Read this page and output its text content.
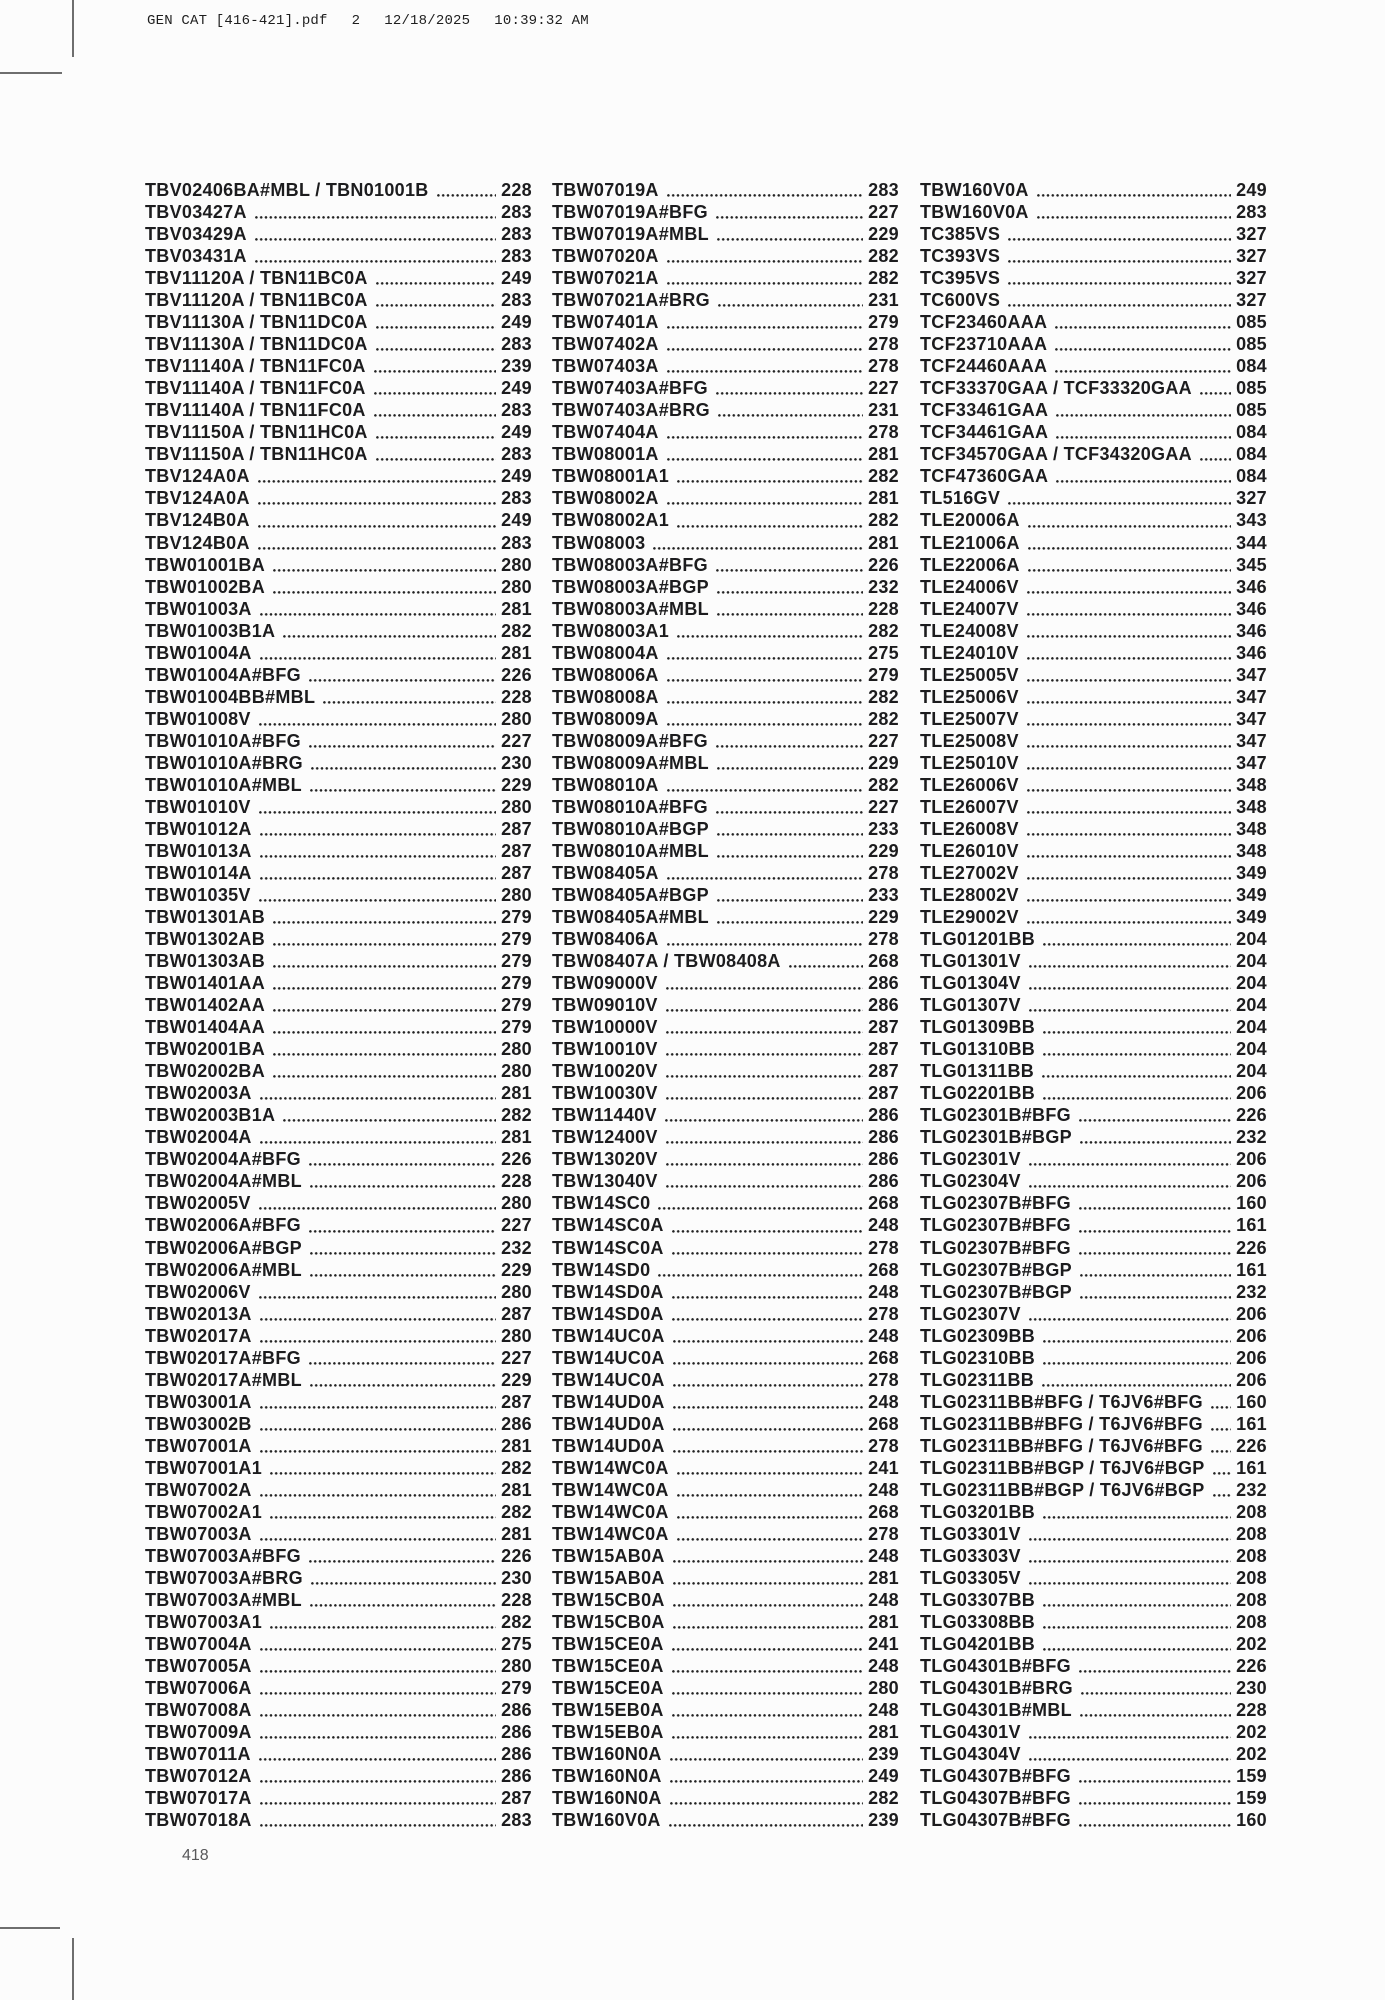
GEN CAT [416-421].pdf 2 12/18/2025 10:39:32 AM
TBV02406BA#MBL / TBN01001B	228
TBV03427A	283
TBV03429A	283
TBV03431A	283
TBV11120A / TBN11BC0A	249
TBV11120A / TBN11BC0A	283
TBV11130A / TBN11DC0A	249
TBV11130A / TBN11DC0A	283
TBV11140A / TBN11FC0A	239
TBV11140A / TBN11FC0A	249
TBV11140A / TBN11FC0A	283
TBV11150A / TBN11HC0A	249
TBV11150A / TBN11HC0A	283
TBV124A0A	249
TBV124A0A	283
TBV124B0A	249
TBV124B0A	283
TBW01001BA	280
TBW01002BA	280
TBW01003A	281
TBW01003B1A	282
TBW01004A	281
TBW01004A#BFG	226
TBW01004BB#MBL	228
TBW01008V	280
TBW01010A#BFG	227
TBW01010A#BRG	230
TBW01010A#MBL	229
TBW01010V	280
TBW01012A	287
TBW01013A	287
TBW01014A	287
TBW01035V	280
TBW01301AB	279
TBW01302AB	279
TBW01303AB	279
TBW01401AA	279
TBW01402AA	279
TBW01404AA	279
TBW02001BA	280
TBW02002BA	280
TBW02003A	281
TBW02003B1A	282
TBW02004A	281
TBW02004A#BFG	226
TBW02004A#MBL	228
TBW02005V	280
TBW02006A#BFG	227
TBW02006A#BGP	232
TBW02006A#MBL	229
TBW02006V	280
TBW02013A	287
TBW02017A	280
TBW02017A#BFG	227
TBW02017A#MBL	229
TBW03001A	287
TBW03002B	286
TBW07001A	281
TBW07001A1	282
TBW07002A	281
TBW07002A1	282
TBW07003A	281
TBW07003A#BFG	226
TBW07003A#BRG	230
TBW07003A#MBL	228
TBW07003A1	282
TBW07004A	275
TBW07005A	280
TBW07006A	279
TBW07008A	286
TBW07009A	286
TBW07011A	286
TBW07012A	286
TBW07017A	287
TBW07018A	283
TBW07019A	283
TBW07019A#BFG	227
TBW07019A#MBL	229
TBW07020A	282
TBW07021A	282
TBW07021A#BRG	231
TBW07401A	279
TBW07402A	278
TBW07403A	278
TBW07403A#BFG	227
TBW07403A#BRG	231
TBW07404A	278
TBW08001A	281
TBW08001A1	282
TBW08002A	281
TBW08002A1	282
TBW08003	281
TBW08003A#BFG	226
TBW08003A#BGP	232
TBW08003A#MBL	228
TBW08003A1	282
TBW08004A	275
TBW08006A	279
TBW08008A	282
TBW08009A	282
TBW08009A#BFG	227
TBW08009A#MBL	229
TBW08010A	282
TBW08010A#BFG	227
TBW08010A#BGP	233
TBW08010A#MBL	229
TBW08405A	278
TBW08405A#BGP	233
TBW08405A#MBL	229
TBW08406A	278
TBW08407A / TBW08408A	268
TBW09000V	286
TBW09010V	286
TBW10000V	287
TBW10010V	287
TBW10020V	287
TBW10030V	287
TBW11440V	286
TBW12400V	286
TBW13020V	286
TBW13040V	286
TBW14SC0	268
TBW14SC0A	248
TBW14SC0A	278
TBW14SD0	268
TBW14SD0A	248
TBW14SD0A	278
TBW14UC0A	248
TBW14UC0A	268
TBW14UC0A	278
TBW14UD0A	248
TBW14UD0A	268
TBW14UD0A	278
TBW14WC0A	241
TBW14WC0A	248
TBW14WC0A	268
TBW14WC0A	278
TBW15AB0A	248
TBW15AB0A	281
TBW15CB0A	248
TBW15CB0A	281
TBW15CE0A	241
TBW15CE0A	248
TBW15CE0A	280
TBW15EB0A	248
TBW15EB0A	281
TBW160N0A	239
TBW160N0A	249
TBW160N0A	282
TBW160V0A	239
TBW160V0A	249
TBW160V0A	283
TC385VS	327
TC393VS	327
TC395VS	327
TC600VS	327
TCF23460AAA	085
TCF23710AAA	085
TCF24460AAA	084
TCF33370GAA / TCF33320GAA 085
TCF33461GAA	085
TCF34461GAA	084
TCF34570GAA / TCF34320GAA 084
TCF47360GAA	084
TL516GV	327
TLE20006A	343
TLE21006A	344
TLE22006A	345
TLE24006V	346
TLE24007V	346
TLE24008V	346
TLE24010V	346
TLE25005V	347
TLE25006V	347
TLE25007V	347
TLE25008V	347
TLE25010V	347
TLE26006V	348
TLE26007V	348
TLE26008V	348
TLE26010V	348
TLE27002V	349
TLE28002V	349
TLE29002V	349
TLG01201BB	204
TLG01301V	204
TLG01304V	204
TLG01307V	204
TLG01309BB	204
TLG01310BB	204
TLG01311BB	204
TLG02201BB	206
TLG02301B#BFG	226
TLG02301B#BGP	232
TLG02301V	206
TLG02304V	206
TLG02307B#BFG	160
TLG02307B#BFG	161
TLG02307B#BFG	226
TLG02307B#BGP	161
TLG02307B#BGP	232
TLG02307V	206
TLG02309BB	206
TLG02310BB	206
TLG02311BB	206
TLG02311BB#BFG / T6JV6#BFG 160
TLG02311BB#BFG / T6JV6#BFG 161
TLG02311BB#BFG / T6JV6#BFG 226
TLG02311BB#BGP / T6JV6#BGP 161
TLG02311BB#BGP / T6JV6#BGP 232
TLG03201BB	208
TLG03301V	208
TLG03303V	208
TLG03305V	208
TLG03307BB	208
TLG03308BB	208
TLG04201BB	202
TLG04301B#BFG	226
TLG04301B#BRG	230
TLG04301B#MBL	228
TLG04301V	202
TLG04304V	202
TLG04307B#BFG	159
TLG04307B#BFG	159
TLG04307B#BFG	160
418
